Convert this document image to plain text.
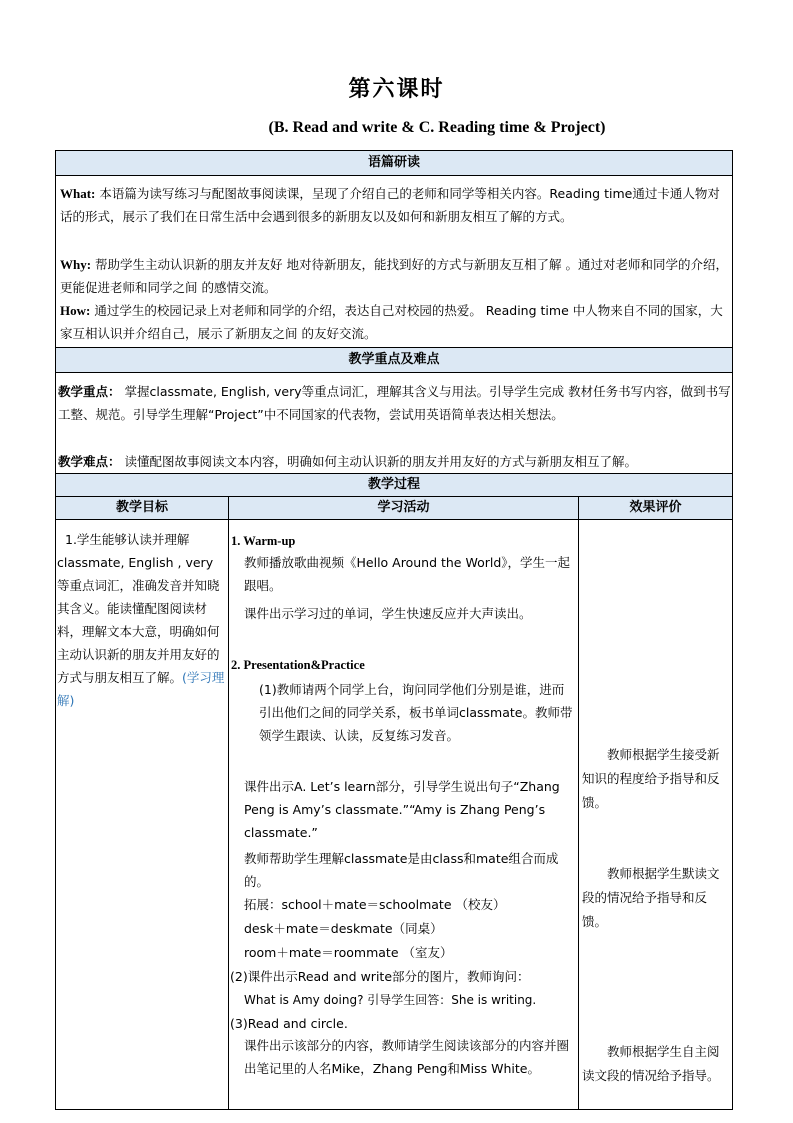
第六课时
(B. Read and write & C. Reading time & Project)
语篇研读
What: 本语篇为读写练习与配图故事阅读课，呈现了介绍自己的老师和同学等相关内容。Reading time通过卡通人物对话的形式，展示了我们在日常生活中会遇到很多的新朋友以及如何和新朋友相互了解的方式。
Why: 帮助学生主动认识新的朋友并友好 地对待新朋友，能找到好的方式与新朋友互相了解 。通过对老师和同学的介绍，更能促进老师和同学之间 的感情交流。
How: 通过学生的校园记录上对老师和同学的介绍，表达自己对校园的热爱。 Reading time 中人物来自不同的国家，大家互相认识并介绍自己，展示了新朋友之间 的友好交流。
教学重点及难点
教学重点： 掌握classmate, English, very等重点词汇，理解其含义与用法。引导学生完成 教材任务书写内容，做到书写工整、规范。引导学生理解“Project”中不同国家的代表物，尝试用英语简单表达相关想法。
教学难点： 读懂配图故事阅读文本内容，明确如何主动认识新的朋友并用友好的方式与新朋友相互了解。
教学过程
教学目标	学习活动	效果评价
1.学生能够认读并理解classmate, English , very等重点词汇，准确发音并知晓其含义。能读懂配图阅读材料，理解文本大意，明确如何主动认识新的朋友并用友好的方式与朋友相互了解。(学习理解)
1. Warm-up
教师播放歌曲视频《Hello Around the World》，学生一起跟唱。
课件出示学习过的单词，学生快速反应并大声读出。
2. Presentation&Practice
(1)教师请两个同学上台，询问同学他们分别是谁，进而引出他们之间的同学关系，板书单词classmate。教师带领学生跟读、认读，反复练习发音。
课件出示A. Let’s learn部分，引导学生说出句子“Zhang Peng is Amy’s classmate.”“Amy is Zhang Peng’s classmate.”
教师帮助学生理解classmate是由class和mate组合而成的。
拓展：school＋mate＝schoolmate （校友）
desk＋mate＝deskmate（同桌）
room＋mate＝roommate （室友）
(2)课件出示Read and write部分的图片，教师询问：
What is Amy doing? 引导学生回答：She is writing.
(3)Read and circle.
课件出示该部分的内容，教师请学生阅读该部分的内容并圈出笔记里的人名Mike，Zhang Peng和Miss White。

教师根据学生接受新知识的程度给予指导和反馈。

教师根据学生默读文段的情况给予指导和反馈。

教师根据学生自主阅读文段的情况给予指导。
